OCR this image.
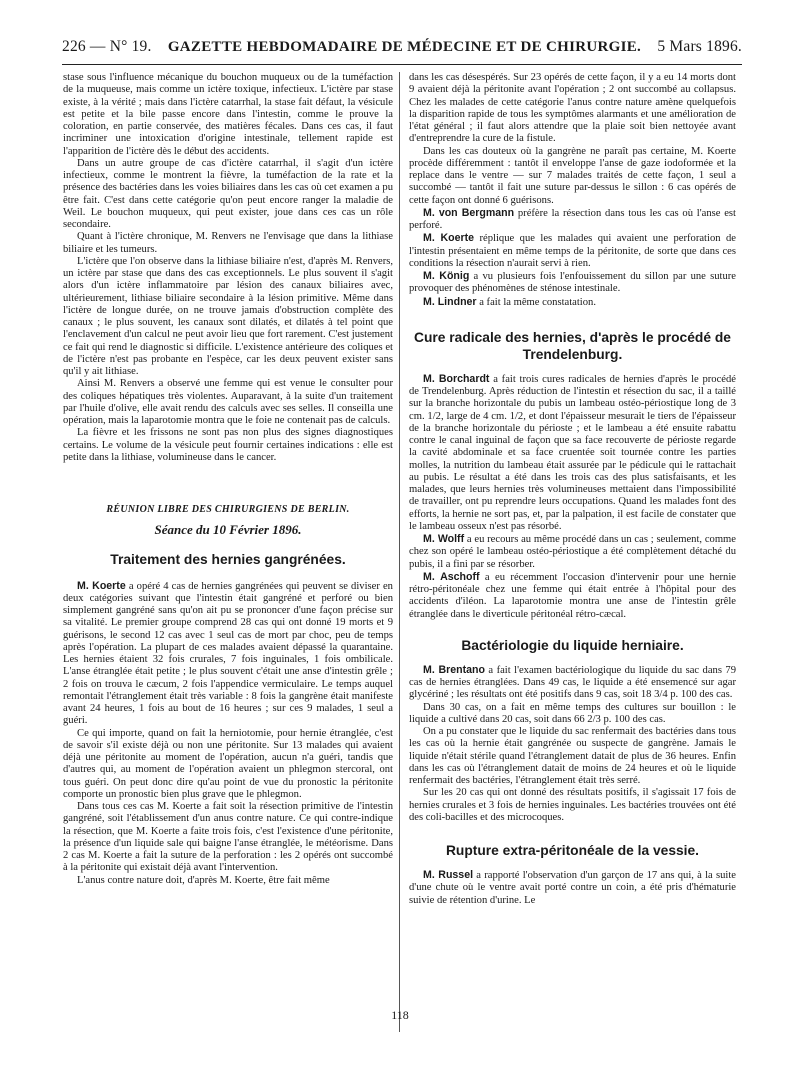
226 — N° 19. GAZETTE HEBDOMADAIRE DE MÉDECINE ET DE CHIRURGIE. 5 Mars 1896.

stase sous l'influence mécanique du bouchon muqueux ou de la tuméfaction de la muqueuse, mais comme un ictère toxique, infectieux. L'ictère par stase existe, à la vérité ; mais dans l'ictère catarrhal, la stase fait défaut, la vésicule est petite et la bile passe encore dans l'intestin, comme le prouve la coloration, en partie conservée, des matières fécales. Dans ces cas, il faut incriminer une intoxication d'origine intestinale, tellement rapide est l'apparition de l'ictère dès le début des accidents.

Dans un autre groupe de cas d'ictère catarrhal, il s'agit d'un ictère infectieux, comme le montrent la fièvre, la tuméfaction de la rate et la présence des bactéries dans les voies biliaires dans les cas où cet examen a pu être fait. C'est dans cette catégorie qu'on peut encore ranger la maladie de Weil. Le bouchon muqueux, qui peut exister, joue dans ces cas un rôle secondaire.

Quant à l'ictère chronique, M. Renvers ne l'envisage que dans la lithiase biliaire et les tumeurs.

L'ictère que l'on observe dans la lithiase biliaire n'est, d'après M. Renvers, un ictère par stase que dans des cas exceptionnels. Le plus souvent il s'agit alors d'un ictère inflammatoire par lésion des canaux biliaires avec, ultérieurement, lithiase biliaire secondaire à la lésion primitive. Même dans l'ictère de longue durée, on ne trouve jamais d'obstruction complète des canaux ; le plus souvent, les canaux sont dilatés, et dilatés à tel point que l'enclavement d'un calcul ne peut avoir lieu que fort rarement. C'est justement ce fait qui rend le diagnostic si difficile. L'existence antérieure des coliques et de l'ictère n'est pas probante en l'espèce, car les deux peuvent exister sans qu'il y ait lithiase.

Ainsi M. Renvers a observé une femme qui est venue le consulter pour des coliques hépatiques très violentes. Auparavant, à la suite d'un traitement par l'huile d'olive, elle avait rendu des calculs avec ses selles. Il conseilla une opération, mais la laparotomie montra que le foie ne contenait pas de calculs.

La fièvre et les frissons ne sont pas non plus des signes diagnostiques certains. Le volume de la vésicule peut fournir certaines indications : elle est petite dans la lithiase, volumineuse dans le cancer.

RÉUNION LIBRE DES CHIRURGIENS DE BERLIN.
Séance du 10 Février 1896.
Traitement des hernies gangrénées.

M. Koerte a opéré 4 cas de hernies gangrénées qui peuvent se diviser en deux catégories suivant que l'intestin était gangréné et perforé ou bien simplement gangréné sans qu'on ait pu se prononcer d'une façon précise sur sa vitalité. Le premier groupe comprend 28 cas qui ont donné 19 morts et 9 guérisons, le second 12 cas avec 1 seul cas de mort par choc, peu de temps après l'opération. La plupart de ces malades avaient dépassé la quarantaine. Les hernies étaient 32 fois crurales, 7 fois inguinales, 1 fois ombilicale. L'anse étranglée était petite ; le plus souvent c'était une anse d'intestin grêle ; 2 fois on trouva le cæcum, 2 fois l'appendice vermiculaire. Le temps auquel remontait l'étranglement était très variable : 8 fois la gangrène était manifeste avant 24 heures, 1 fois au bout de 16 heures ; sur ces 9 malades, 1 seul a guéri.

Ce qui importe, quand on fait la herniotomie, pour hernie étranglée, c'est de savoir s'il existe déjà ou non une péritonite. Sur 13 malades qui avaient déjà une péritonite au moment de l'opération, aucun n'a guéri, tandis que d'autres qui, au moment de l'opération avaient un phlegmon stercoral, ont tous guéri. On peut donc dire qu'au point de vue du pronostic la péritonite comporte un pronostic bien plus grave que le phlegmon.

Dans tous ces cas M. Koerte a fait soit la résection primitive de l'intestin gangréné, soit l'établissement d'un anus contre nature. Ce qui contre-indique la résection, que M. Koerte a faite trois fois, c'est l'existence d'une péritonite, la présence d'un liquide sale qui baigne l'anse étranglée, le météorisme. Dans 2 cas M. Koerte a fait la suture de la perforation : les 2 opérés ont succombé à la péritonite qui existait déjà avant l'intervention.

L'anus contre nature doit, d'après M. Koerte, être fait même

dans les cas désespérés. Sur 23 opérés de cette façon, il y a eu 14 morts dont 9 avaient déjà la péritonite avant l'opération ; 2 ont succombé au collapsus. Chez les malades de cette catégorie l'anus contre nature amène quelquefois la disparition rapide de tous les symptômes alarmants et une amélioration de l'état général ; il faut alors attendre que la plaie soit bien nettoyée avant d'entreprendre la cure de la fistule.

Dans les cas douteux où la gangrène ne paraît pas certaine, M. Koerte procède différemment : tantôt il enveloppe l'anse de gaze iodoformée et la replace dans le ventre — sur 7 malades traités de cette façon, 1 seul a succombé — tantôt il fait une suture par-dessus le sillon : 6 cas opérés de cette façon ont donné 6 guérisons.

M. von Bergmann préfère la résection dans tous les cas où l'anse est perforé.

M. Koerte réplique que les malades qui avaient une perforation de l'intestin présentaient en même temps de la péritonite, de sorte que dans ces conditions la résection n'aurait servi à rien.

M. König a vu plusieurs fois l'enfouissement du sillon par une suture provoquer des phénomènes de sténose intestinale.

M. Lindner a fait la même constatation.

Cure radicale des hernies, d'après le procédé de Trendelenburg.

M. Borchardt a fait trois cures radicales de hernies d'après le procédé de Trendelenburg. Après réduction de l'intestin et résection du sac, il a taillé sur la branche horizontale du pubis un lambeau ostéo-périostique long de 3 cm. 1/2, large de 4 cm. 1/2, et dont l'épaisseur mesurait le tiers de l'épaisseur de la branche horizontale du périoste ; et le lambeau a été ensuite rabattu contre le canal inguinal de façon que sa face recouverte de périoste regarde la cavité abdominale et sa face cruentée soit tournée contre les parties molles, la nutrition du lambeau était assurée par le pédicule qui le rattachait au pubis. Le résultat a été dans les trois cas des plus satisfaisants, et les malades, que leurs hernies très volumineuses mettaient dans l'impossibilité de travailler, ont pu reprendre leurs occupations. Quand les malades font des efforts, la hernie ne sort pas, et, par la palpation, il est facile de constater que le lambeau osseux n'est pas résorbé.

M. Wolff a eu recours au même procédé dans un cas ; seulement, comme chez son opéré le lambeau ostéo-périostique a été complètement détaché du pubis, il a fini par se résorber.

M. Aschoff a eu récemment l'occasion d'intervenir pour une hernie rétro-péritonéale chez une femme qui était entrée à l'hôpital pour des accidents d'iléon. La laparotomie montra une anse de l'intestin grêle étranglée dans le diverticule péritonéal rétro-cæcal.

Bactériologie du liquide herniaire.

M. Brentano a fait l'examen bactériologique du liquide du sac dans 79 cas de hernies étranglées. Dans 49 cas, le liquide a été ensemencé sur agar glycériné ; les résultats ont été positifs dans 9 cas, soit 18 3/4 p. 100 des cas.

Dans 30 cas, on a fait en même temps des cultures sur bouillon : le liquide a cultivé dans 20 cas, soit dans 66 2/3 p. 100 des cas.

On a pu constater que le liquide du sac renfermait des bactéries dans tous les cas où la hernie était gangrénée ou suspecte de gangrène. Jamais le liquide n'était stérile quand l'étranglement datait de plus de 36 heures. Enfin dans les cas où l'étranglement datait de moins de 24 heures et où le liquide renfermait des bactéries, l'étranglement était très serré.

Sur les 20 cas qui ont donné des résultats positifs, il s'agissait 17 fois de hernies crurales et 3 fois de hernies inguinales. Les bactéries trouvées ont été des coli-bacilles et des microcoques.

Rupture extra-péritonéale de la vessie.

M. Russel a rapporté l'observation d'un garçon de 17 ans qui, à la suite d'une chute où le ventre avait porté contre un coin, a été pris d'hématurie suivie de rétention d'urine. Le

118
